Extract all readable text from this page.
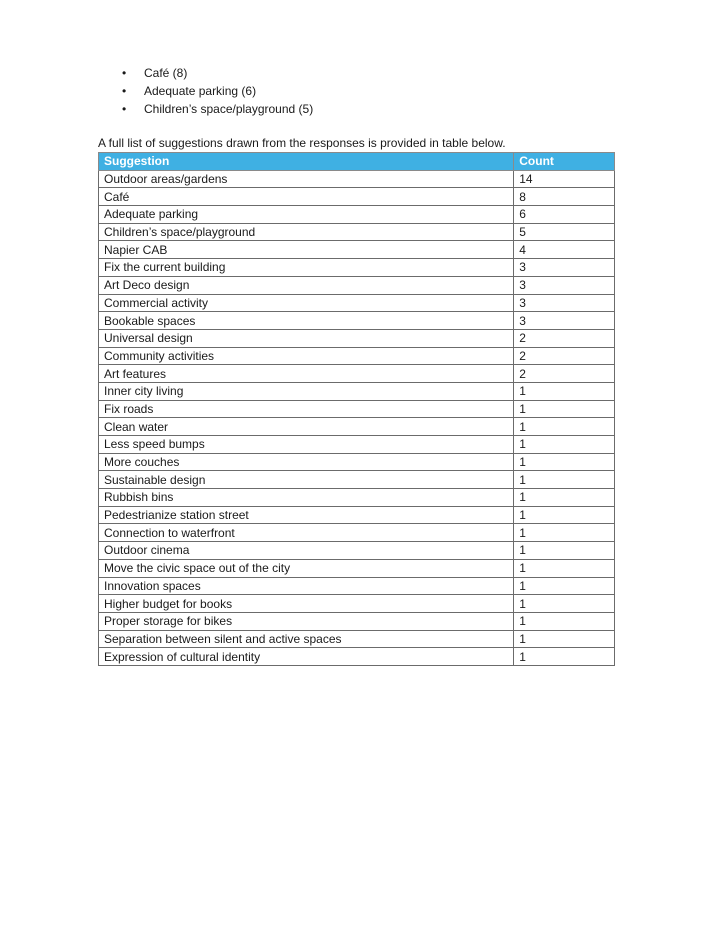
• Café (8)
• Adequate parking (6)
• Children’s space/playground (5)
A full list of suggestions drawn from the responses is provided in table below.
Suggestion	Count
Outdoor areas/gardens	14
Café	8
Adequate parking	6
Children’s space/playground	5
Napier CAB	4
Fix the current building	3
Art Deco design	3
Commercial activity	3
Bookable spaces	3
Universal design	2
Community activities	2
Art features	2
Inner city living	1
Fix roads	1
Clean water	1
Less speed bumps	1
More couches	1
Sustainable design	1
Rubbish bins	1
Pedestrianize station street	1
Connection to waterfront	1
Outdoor cinema	1
Move the civic space out of the city	1
Innovation spaces	1
Higher budget for books	1
Proper storage for bikes	1
Separation between silent and active spaces	1
Expression of cultural identity	1
